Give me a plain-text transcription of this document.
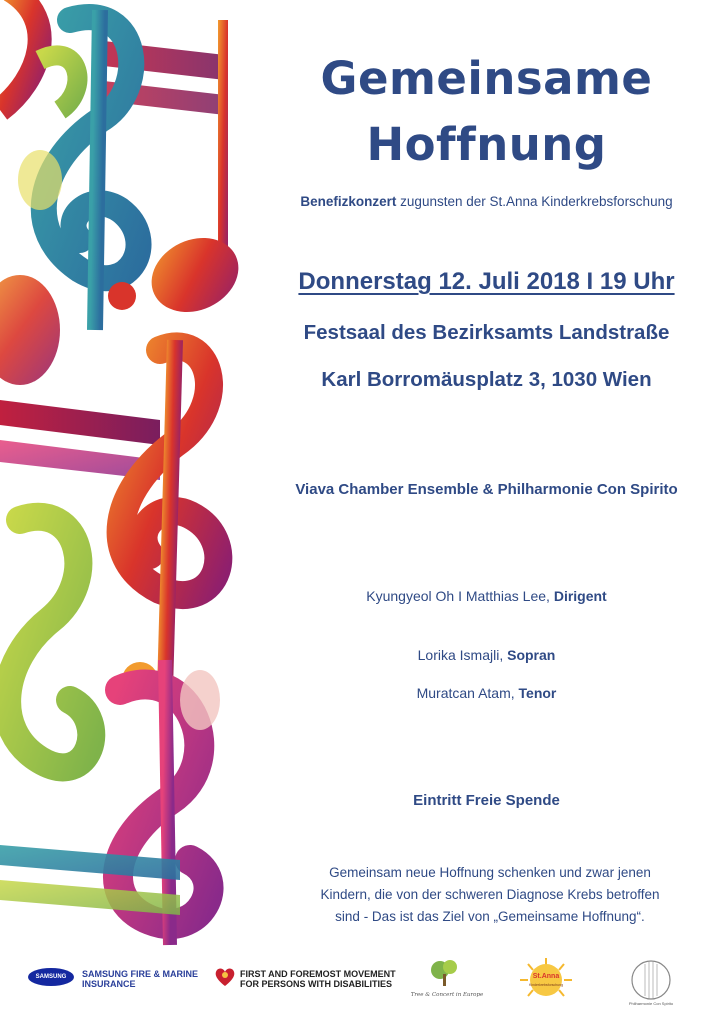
Gemeinsame
Hoffnung
Benefizkonzert zugunsten der St.Anna Kinderkrebsforschung
Donnerstag 12. Juli 2018 I 19 Uhr
Festsaal des Bezirksamts Landstraße
Karl Borromäusplatz 3, 1030 Wien
Viava Chamber Ensemble & Philharmonie Con Spirito
Kyungyeol Oh I Matthias Lee, Dirigent
Lorika Ismajli, Sopran
Muratcan Atam, Tenor
Eintritt Freie Spende
Gemeinsam neue Hoffnung schenken und zwar jenen
Kindern, die von der schweren Diagnose Krebs betroffen
sind - Das ist das Ziel von „Gemeinsame Hoffnung“.
SAMSUNG	SAMSUNG FIRE & MARINE
INSURANCE
FIRST AND FOREMOST MOVEMENT
FOR PERSONS WITH DISABILITIES
Tree & Concert in Europe
St.Anna
Kinderkrebsforschung
Philharmonie Con Spirito
